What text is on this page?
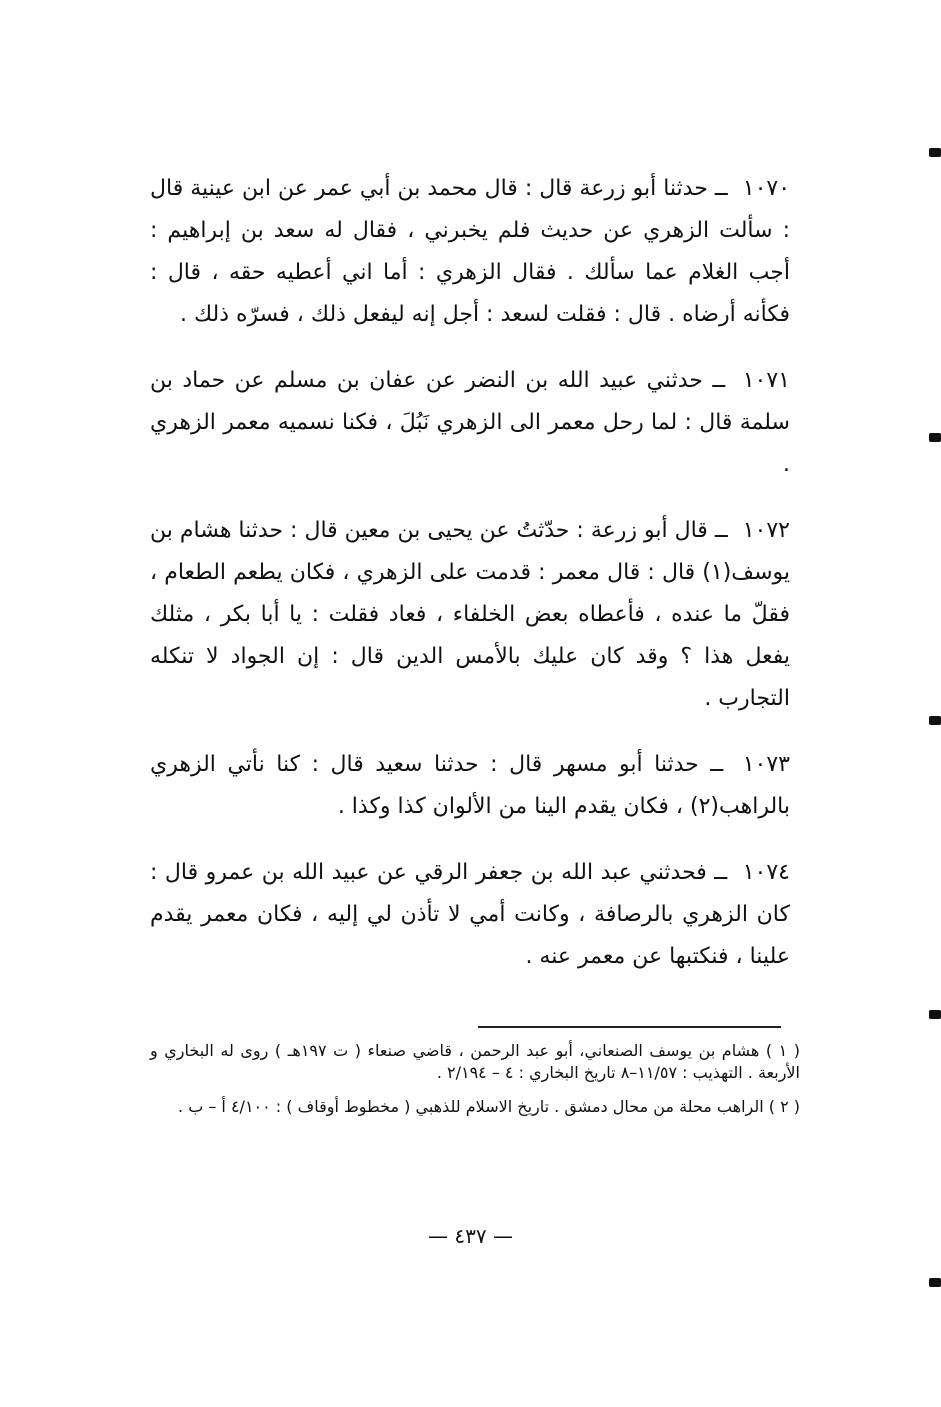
١٠٧٠ ــ حدثنا أبو زرعة قال : قال محمد بن أبي عمر عن ابن عينية قال : سألت الزهري عن حديث فلم يخبرني ، فقال له سعد بن إبراهيم : أجب الغلام عما سألك . فقال الزهري : أما اني أعطيه حقه ، قال : فكأنه أرضاه . قال : فقلت لسعد : أجل إنه ليفعل ذلك ، فسرّه ذلك .

١٠٧١ ــ حدثني عبيد الله بن النضر عن عفان بن مسلم عن حماد بن سلمة قال : لما رحل معمر الى الزهري نَبُلَ ، فكنا نسميه معمر الزهري .

١٠٧٢ ــ قال أبو زرعة : حدّثتُ عن يحيى بن معين قال : حدثنا هشام بن يوسف(١) قال : قال معمر : قدمت على الزهري ، فكان يطعم الطعام ، فقلّ ما عنده ، فأعطاه بعض الخلفاء ، فعاد فقلت : يا أبا بكر ، مثلك يفعل هذا ؟ وقد كان عليك بالأمس الدين قال : إن الجواد لا تنكله التجارب .

١٠٧٣ ــ حدثنا أبو مسهر قال : حدثنا سعيد قال : كنا نأتي الزهري بالراهب(٢) ، فكان يقدم الينا من الألوان كذا وكذا .

١٠٧٤ ــ فحدثني عبد الله بن جعفر الرقي عن عبيد الله بن عمرو قال : كان الزهري بالرصافة ، وكانت أمي لا تأذن لي إليه ، فكان معمر يقدم علينا ، فنكتبها عن معمر عنه .

( ١ ) هشام بن يوسف الصنعاني، أبو عبد الرحمن ، قاضي صنعاء ( ت ١٩٧هـ ) روى له البخاري و الأربعة . التهذيب : ١١/٥٧–٨ تاريخ البخاري : ٤ – ٢/١٩٤ .

( ٢ ) الراهب محلة من محال دمشق . تاريخ الاسلام للذهبي ( مخطوط أوقاف ) : ٤/١٠٠ أ – ب .

— ٤٣٧ —
